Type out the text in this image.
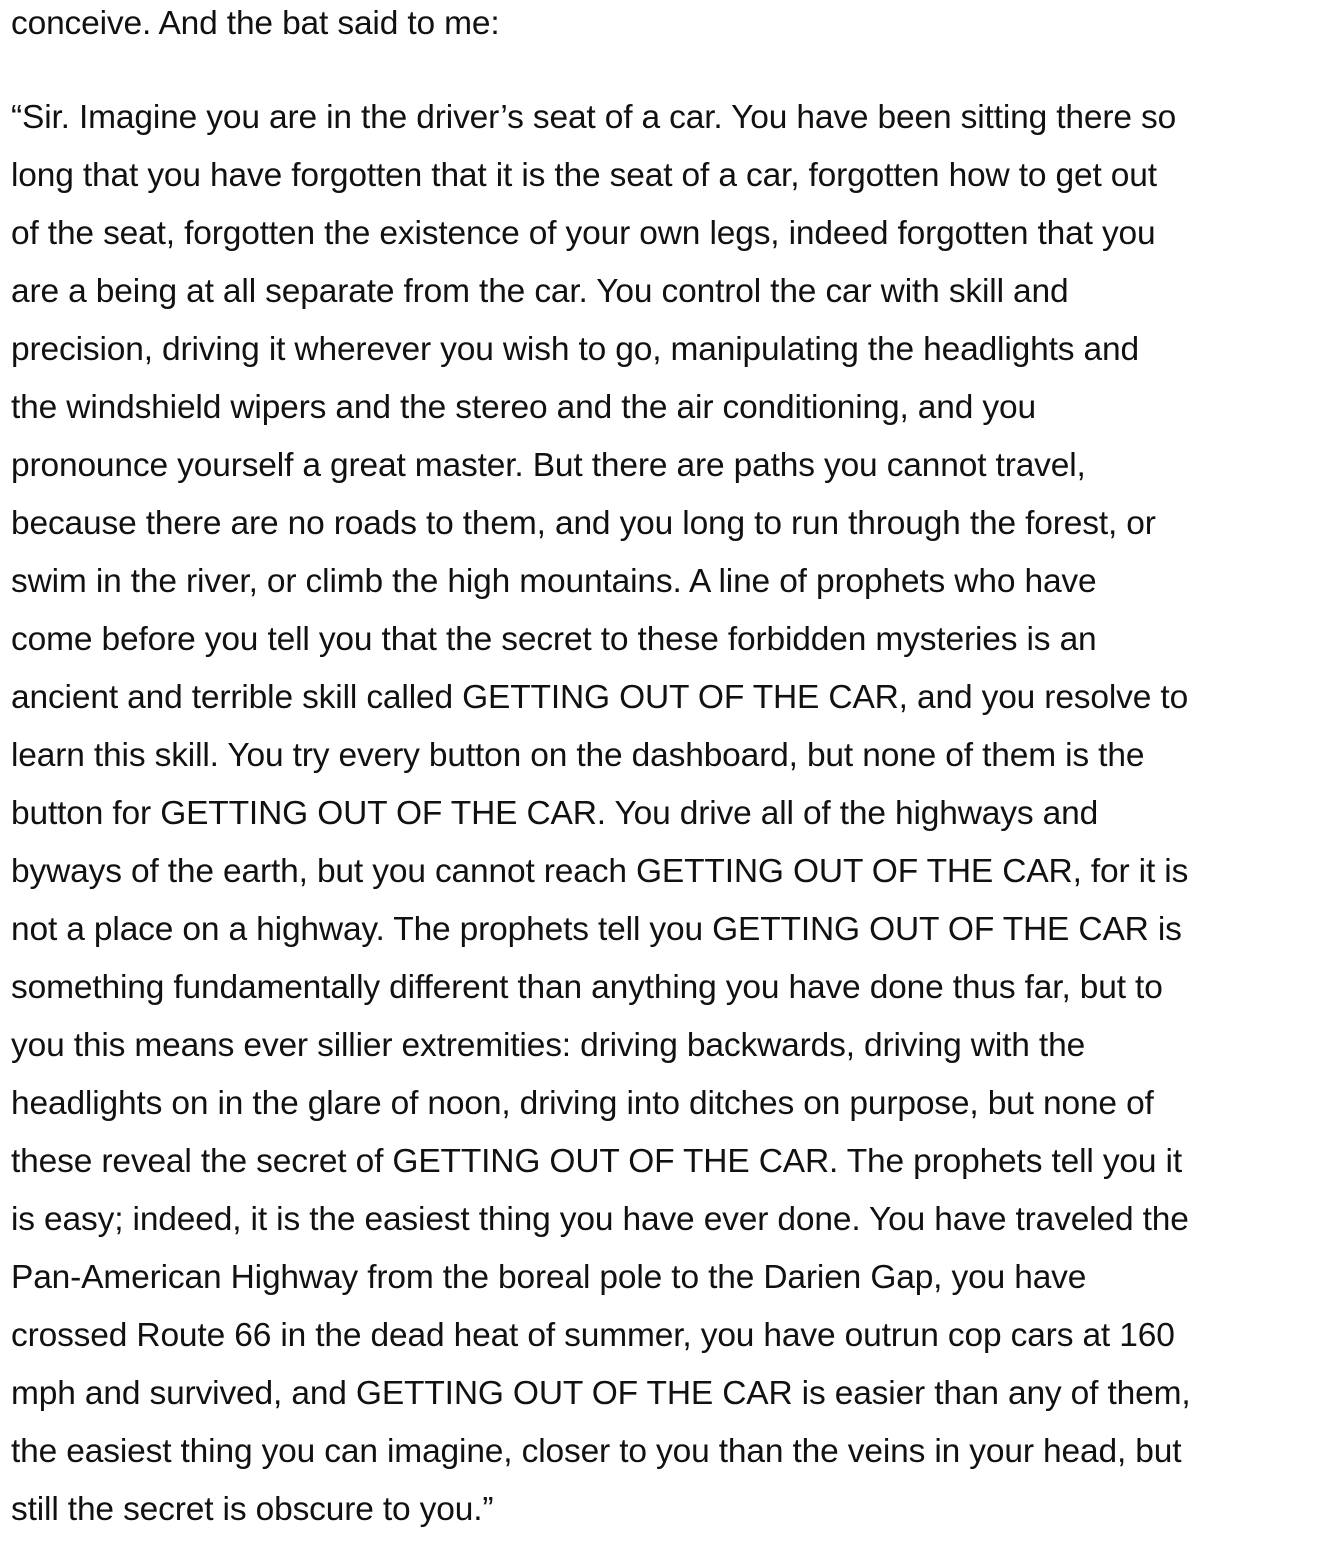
conceive. And the bat said to me:

“Sir. Imagine you are in the driver’s seat of a car. You have been sitting there so
long that you have forgotten that it is the seat of a car, forgotten how to get out
of the seat, forgotten the existence of your own legs, indeed forgotten that you
are a being at all separate from the car. You control the car with skill and
precision, driving it wherever you wish to go, manipulating the headlights and
the windshield wipers and the stereo and the air conditioning, and you
pronounce yourself a great master. But there are paths you cannot travel,
because there are no roads to them, and you long to run through the forest, or
swim in the river, or climb the high mountains. A line of prophets who have
come before you tell you that the secret to these forbidden mysteries is an
ancient and terrible skill called GETTING OUT OF THE CAR, and you resolve to
learn this skill. You try every button on the dashboard, but none of them is the
button for GETTING OUT OF THE CAR. You drive all of the highways and
byways of the earth, but you cannot reach GETTING OUT OF THE CAR, for it is
not a place on a highway. The prophets tell you GETTING OUT OF THE CAR is
something fundamentally different than anything you have done thus far, but to
you this means ever sillier extremities: driving backwards, driving with the
headlights on in the glare of noon, driving into ditches on purpose, but none of
these reveal the secret of GETTING OUT OF THE CAR. The prophets tell you it
is easy; indeed, it is the easiest thing you have ever done. You have traveled the
Pan-American Highway from the boreal pole to the Darien Gap, you have
crossed Route 66 in the dead heat of summer, you have outrun cop cars at 160
mph and survived, and GETTING OUT OF THE CAR is easier than any of them,
the easiest thing you can imagine, closer to you than the veins in your head, but
still the secret is obscure to you.”
